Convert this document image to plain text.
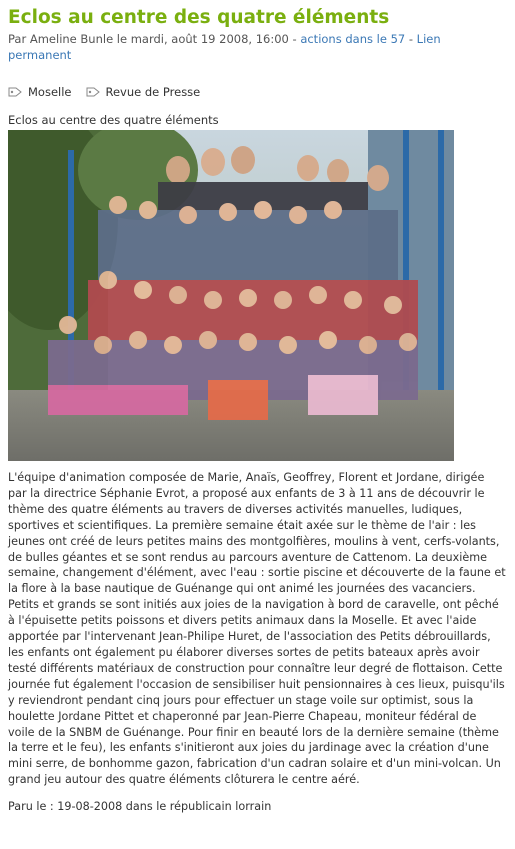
Eclos au centre des quatre éléments
Par Ameline Bunle le mardi, août 19 2008, 16:00 - actions dans le 57 - Lien permanent
Moselle	Revue de Presse
Eclos au centre des quatre éléments
L'équipe d'animation composée de Marie, Anaïs, Geoffrey, Florent et Jordane, dirigée par la directrice Séphanie Evrot, a proposé aux enfants de 3 à 11 ans de découvrir le thème des quatre éléments au travers de diverses activités manuelles, ludiques, sportives et scientifiques. La première semaine était axée sur le thème de l'air : les jeunes ont créé de leurs petites mains des montgolfières, moulins à vent, cerfs-volants, de bulles géantes et se sont rendus au parcours aventure de Cattenom. La deuxième semaine, changement d'élément, avec l'eau : sortie piscine et découverte de la faune et la flore à la base nautique de Guénange qui ont animé les journées des vacanciers. Petits et grands se sont initiés aux joies de la navigation à bord de caravelle, ont pêché à l'épuisette petits poissons et divers petits animaux dans la Moselle. Et avec l'aide apportée par l'intervenant Jean-Philipe Huret, de l'association des Petits débrouillards, les enfants ont également pu élaborer diverses sortes de petits bateaux après avoir testé différents matériaux de construction pour connaître leur degré de flottaison. Cette journée fut également l'occasion de sensibiliser huit pensionnaires à ces lieux, puisqu'ils y reviendront pendant cinq jours pour effectuer un stage voile sur optimist, sous la houlette Jordane Pittet et chaperonné par Jean-Pierre Chapeau, moniteur fédéral de voile de la SNBM de Guénange. Pour finir en beauté lors de la dernière semaine (thème la terre et le feu), les enfants s'initieront aux joies du jardinage avec la création d'une mini serre, de bonhomme gazon, fabrication d'un cadran solaire et d'un mini-volcan. Un grand jeu autour des quatre éléments clôturera le centre aéré.
Paru le : 19-08-2008 dans le républicain lorrain
